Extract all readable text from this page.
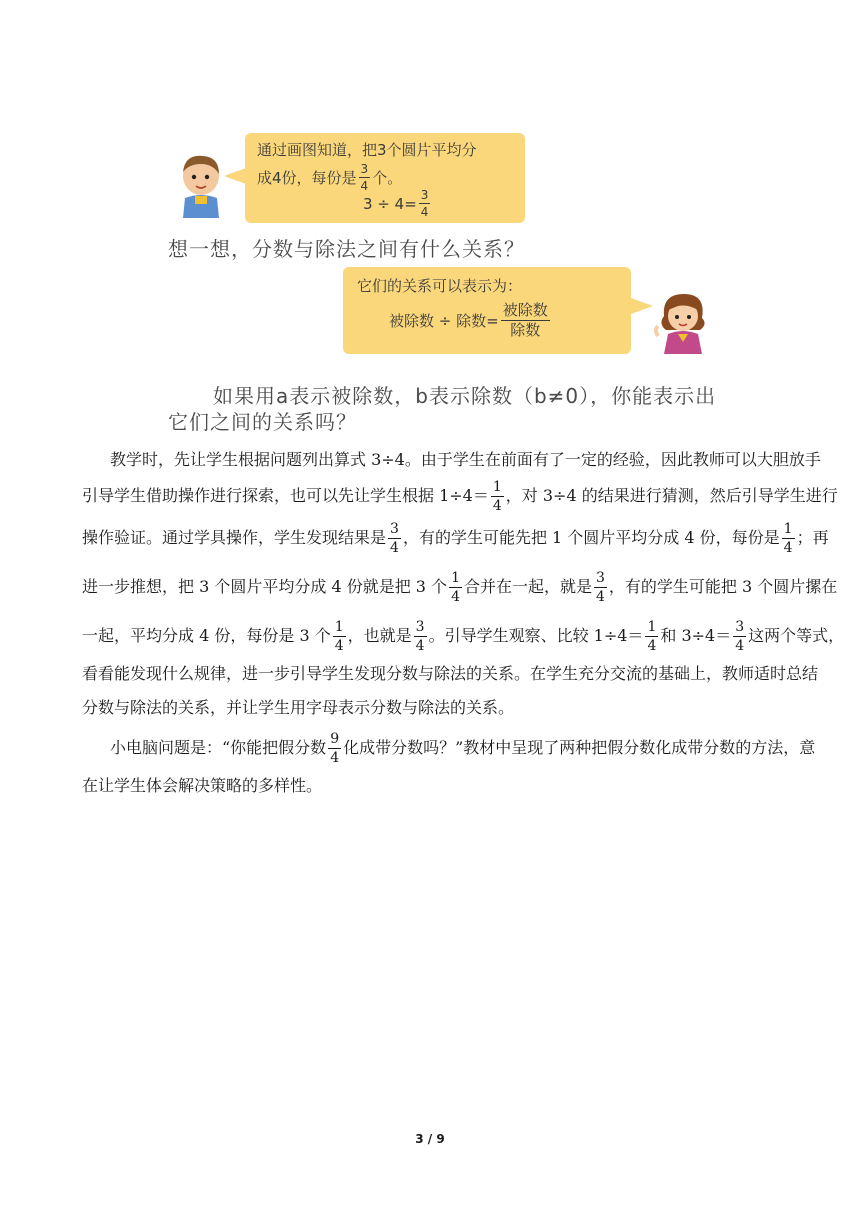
通过画图知道，把3个圆片平均分
成4份，每份是 $\frac{3}{4}$ 个。
$3 \div 4= \frac{3}{4}$
想一想，分数与除法之间有什么关系？
它们的关系可以表示为：
被除数 ÷ 除数= $\frac{\text{被除数}}{\text{除数}}$
如果用a表示被除数，b表示除数（b≠0），你能表示出
它们之间的关系吗？
教学时，先让学生根据问题列出算式 3÷4。由于学生在前面有了一定的经验，因此教师可以大胆放手
引导学生借助操作进行探索，也可以先让学生根据 $1\div 4= \frac{1}{4}$ ，对 3÷4 的结果进行猜测，然后引导学生进行
操作验证。通过学具操作，学生发现结果是 $\frac{3}{4}$ ，有的学生可能先把 1 个圆片平均分成 4 份，每份是 $\frac{1}{4}$ ；再
进一步推想，把 3 个圆片平均分成 4 份就是把 3 个 $\frac{1}{4}$ 合并在一起，就是 $\frac{3}{4}$ ，有的学生可能把 3 个圆片摞在
一起，平均分成 4 份，每份是 3 个 $\frac{1}{4}$ ，也就是 $\frac{3}{4}$ 。引导学生观察、比较 $1\div 4= \frac{1}{4}$ 和 $3\div 4= \frac{3}{4}$ 这两个等式，
看看能发现什么规律，进一步引导学生发现分数与除法的关系。在学生充分交流的基础上，教师适时总结
分数与除法的关系，并让学生用字母表示分数与除法的关系。
小电脑问题是：“你能把假分数 $\frac{9}{4}$ 化成带分数吗？”教材中呈现了两种把假分数化成带分数的方法，意
在让学生体会解决策略的多样性。
3 / 9
